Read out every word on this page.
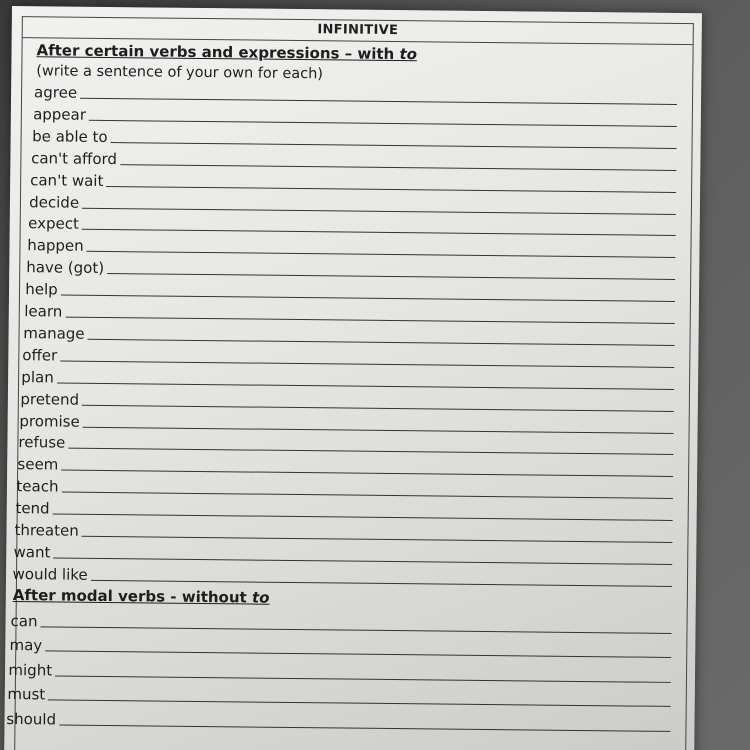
INFINITIVE
After certain verbs and expressions – with to
(write a sentence of your own for each)
agree
appear
be able to
can't afford
can't wait
decide
expect
happen
have (got)
help
learn
manage
offer
plan
pretend
promise
refuse
seem
teach
tend
threaten
want
would like
After modal verbs - without to
can
may
might
must
should
